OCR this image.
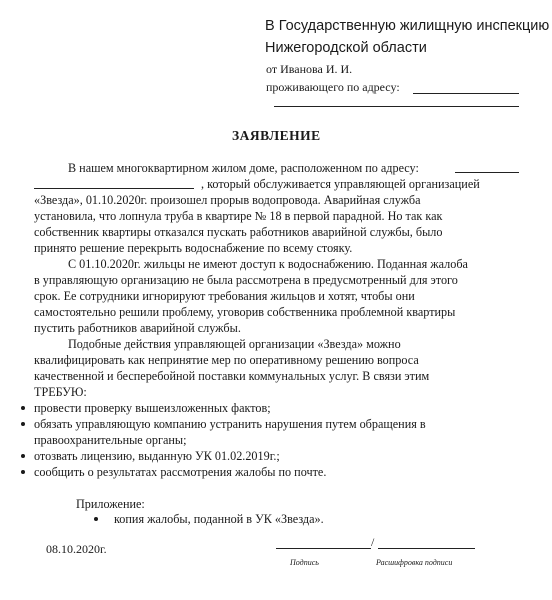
В Государственную жилищную инспекцию
Нижегородской области
от Иванова И. И.
проживающего по адресу:
ЗАЯВЛЕНИЕ
В нашем многоквартирном жилом доме, расположенном по адресу:
, который обслуживается управляющей организацией
«Звезда», 01.10.2020г. произошел прорыв водопровода. Аварийная служба
установила, что лопнула труба в квартире № 18 в первой парадной. Но так как
собственник квартиры отказался пускать работников аварийной службы, было
принято решение перекрыть водоснабжение по всему стояку.
С 01.10.2020г. жильцы не имеют доступ к водоснабжению. Поданная жалоба
в управляющую организацию не была рассмотрена в предусмотренный для этого
срок. Ее сотрудники игнорируют требования жильцов и хотят, чтобы они
самостоятельно решили проблему, уговорив собственника проблемной квартиры
пустить работников аварийной службы.
Подобные действия управляющей организации «Звезда» можно
квалифицировать как непринятие мер по оперативному решению вопроса
качественной и бесперебойной поставки коммунальных услуг. В связи этим
ТРЕБУЮ:
провести проверку вышеизложенных фактов;
обязать управляющую компанию устранить нарушения путем обращения в
правоохранительные органы;
отозвать лицензию, выданную УК 01.02.2019г.;
сообщить о результатах рассмотрения жалобы по почте.
Приложение:
копия жалобы, поданной в УК «Звезда».
08.10.2020г.	/
Подпись	Расшифровка подписи
